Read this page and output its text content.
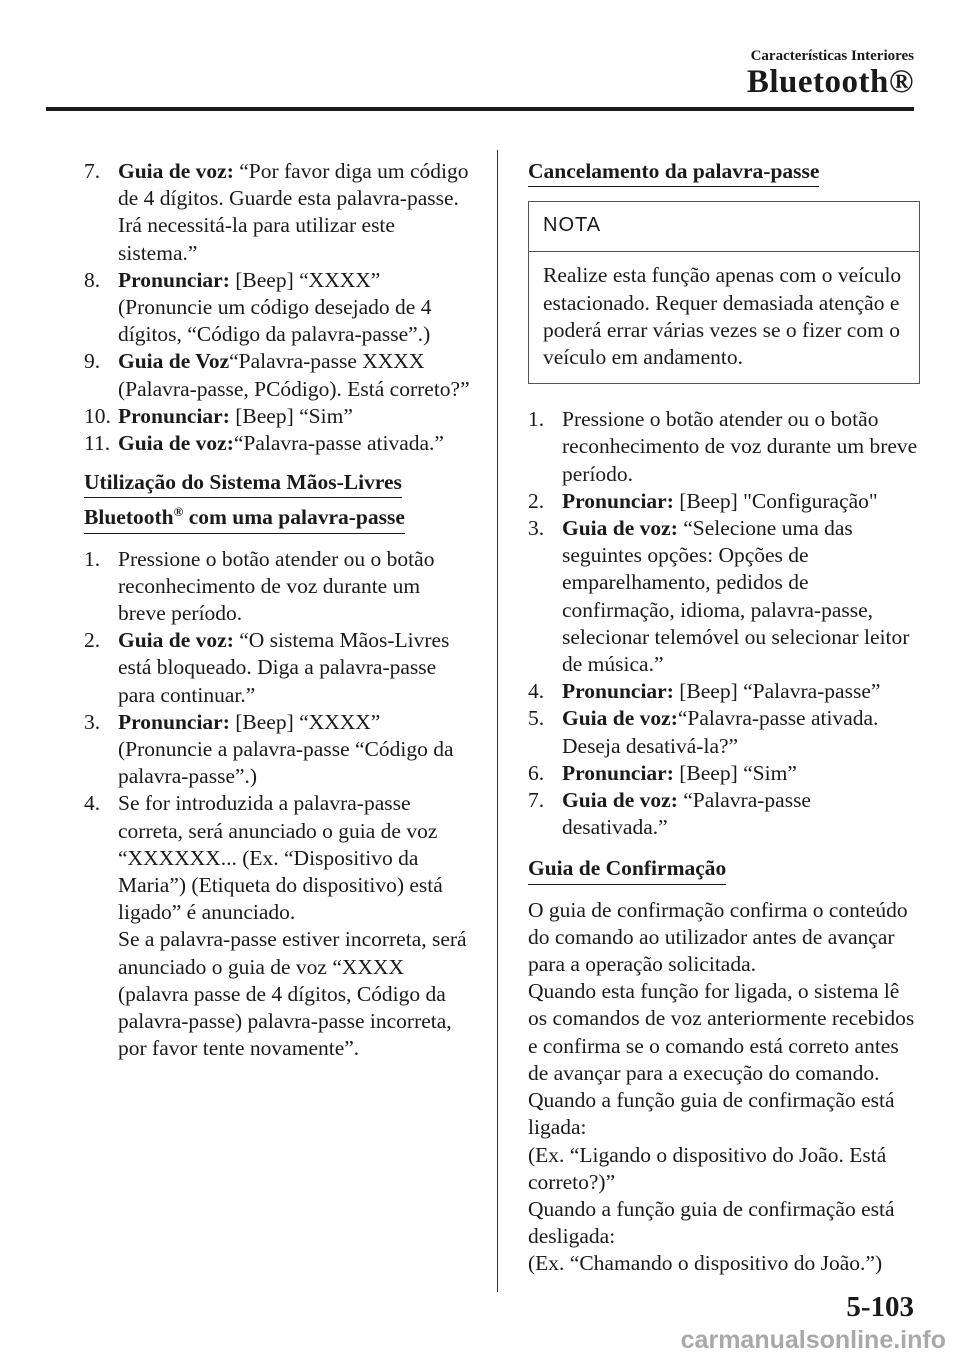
Características Interiores
Bluetooth®
7. Guia de voz: “Por favor diga um código de 4 dígitos. Guarde esta palavra-passe. Irá necessitá-la para utilizar este sistema.”
8. Pronunciar: [Beep] “XXXX” (Pronuncie um código desejado de 4 dígitos, “Código da palavra-passe”.)
9. Guia de Voz“Palavra-passe XXXX (Palavra-passe, PCódigo). Está correto?”
10. Pronunciar: [Beep] “Sim”
11. Guia de voz:“Palavra-passe ativada.”
Utilização do Sistema Mãos-Livres
Bluetooth® com uma palavra-passe
1. Pressione o botão atender ou o botão reconhecimento de voz durante um breve período.
2. Guia de voz: “O sistema Mãos-Livres está bloqueado. Diga a palavra-passe para continuar.”
3. Pronunciar: [Beep] “XXXX” (Pronuncie a palavra-passe “Código da palavra-passe”.)
4. Se for introduzida a palavra-passe correta, será anunciado o guia de voz “XXXXXX... (Ex. “Dispositivo da Maria”) (Etiqueta do dispositivo) está ligado” é anunciado.
Se a palavra-passe estiver incorreta, será anunciado o guia de voz “XXXX (palavra passe de 4 dígitos, Código da palavra-passe) palavra-passe incorreta, por favor tente novamente”.
Cancelamento da palavra-passe
NOTA
Realize esta função apenas com o veículo estacionado. Requer demasiada atenção e poderá errar várias vezes se o fizer com o veículo em andamento.
1. Pressione o botão atender ou o botão reconhecimento de voz durante um breve período.
2. Pronunciar: [Beep] "Configuração"
3. Guia de voz: “Selecione uma das seguintes opções: Opções de emparelhamento, pedidos de confirmação, idioma, palavra-passe, selecionar telemóvel ou selecionar leitor de música.”
4. Pronunciar: [Beep] “Palavra-passe”
5. Guia de voz:“Palavra-passe ativada. Deseja desativá-la?”
6. Pronunciar: [Beep] “Sim”
7. Guia de voz: “Palavra-passe desativada.”
Guia de Confirmação

O guia de confirmação confirma o conteúdo do comando ao utilizador antes de avançar para a operação solicitada.

Quando esta função for ligada, o sistema lê os comandos de voz anteriormente recebidos e confirma se o comando está correto antes de avançar para a execução do comando.

Quando a função guia de confirmação está ligada:

(Ex. “Ligando o dispositivo do João. Está correto?)”

Quando a função guia de confirmação está desligada:

(Ex. “Chamando o dispositivo do João.”)

5-103
carmanualsonline.info
